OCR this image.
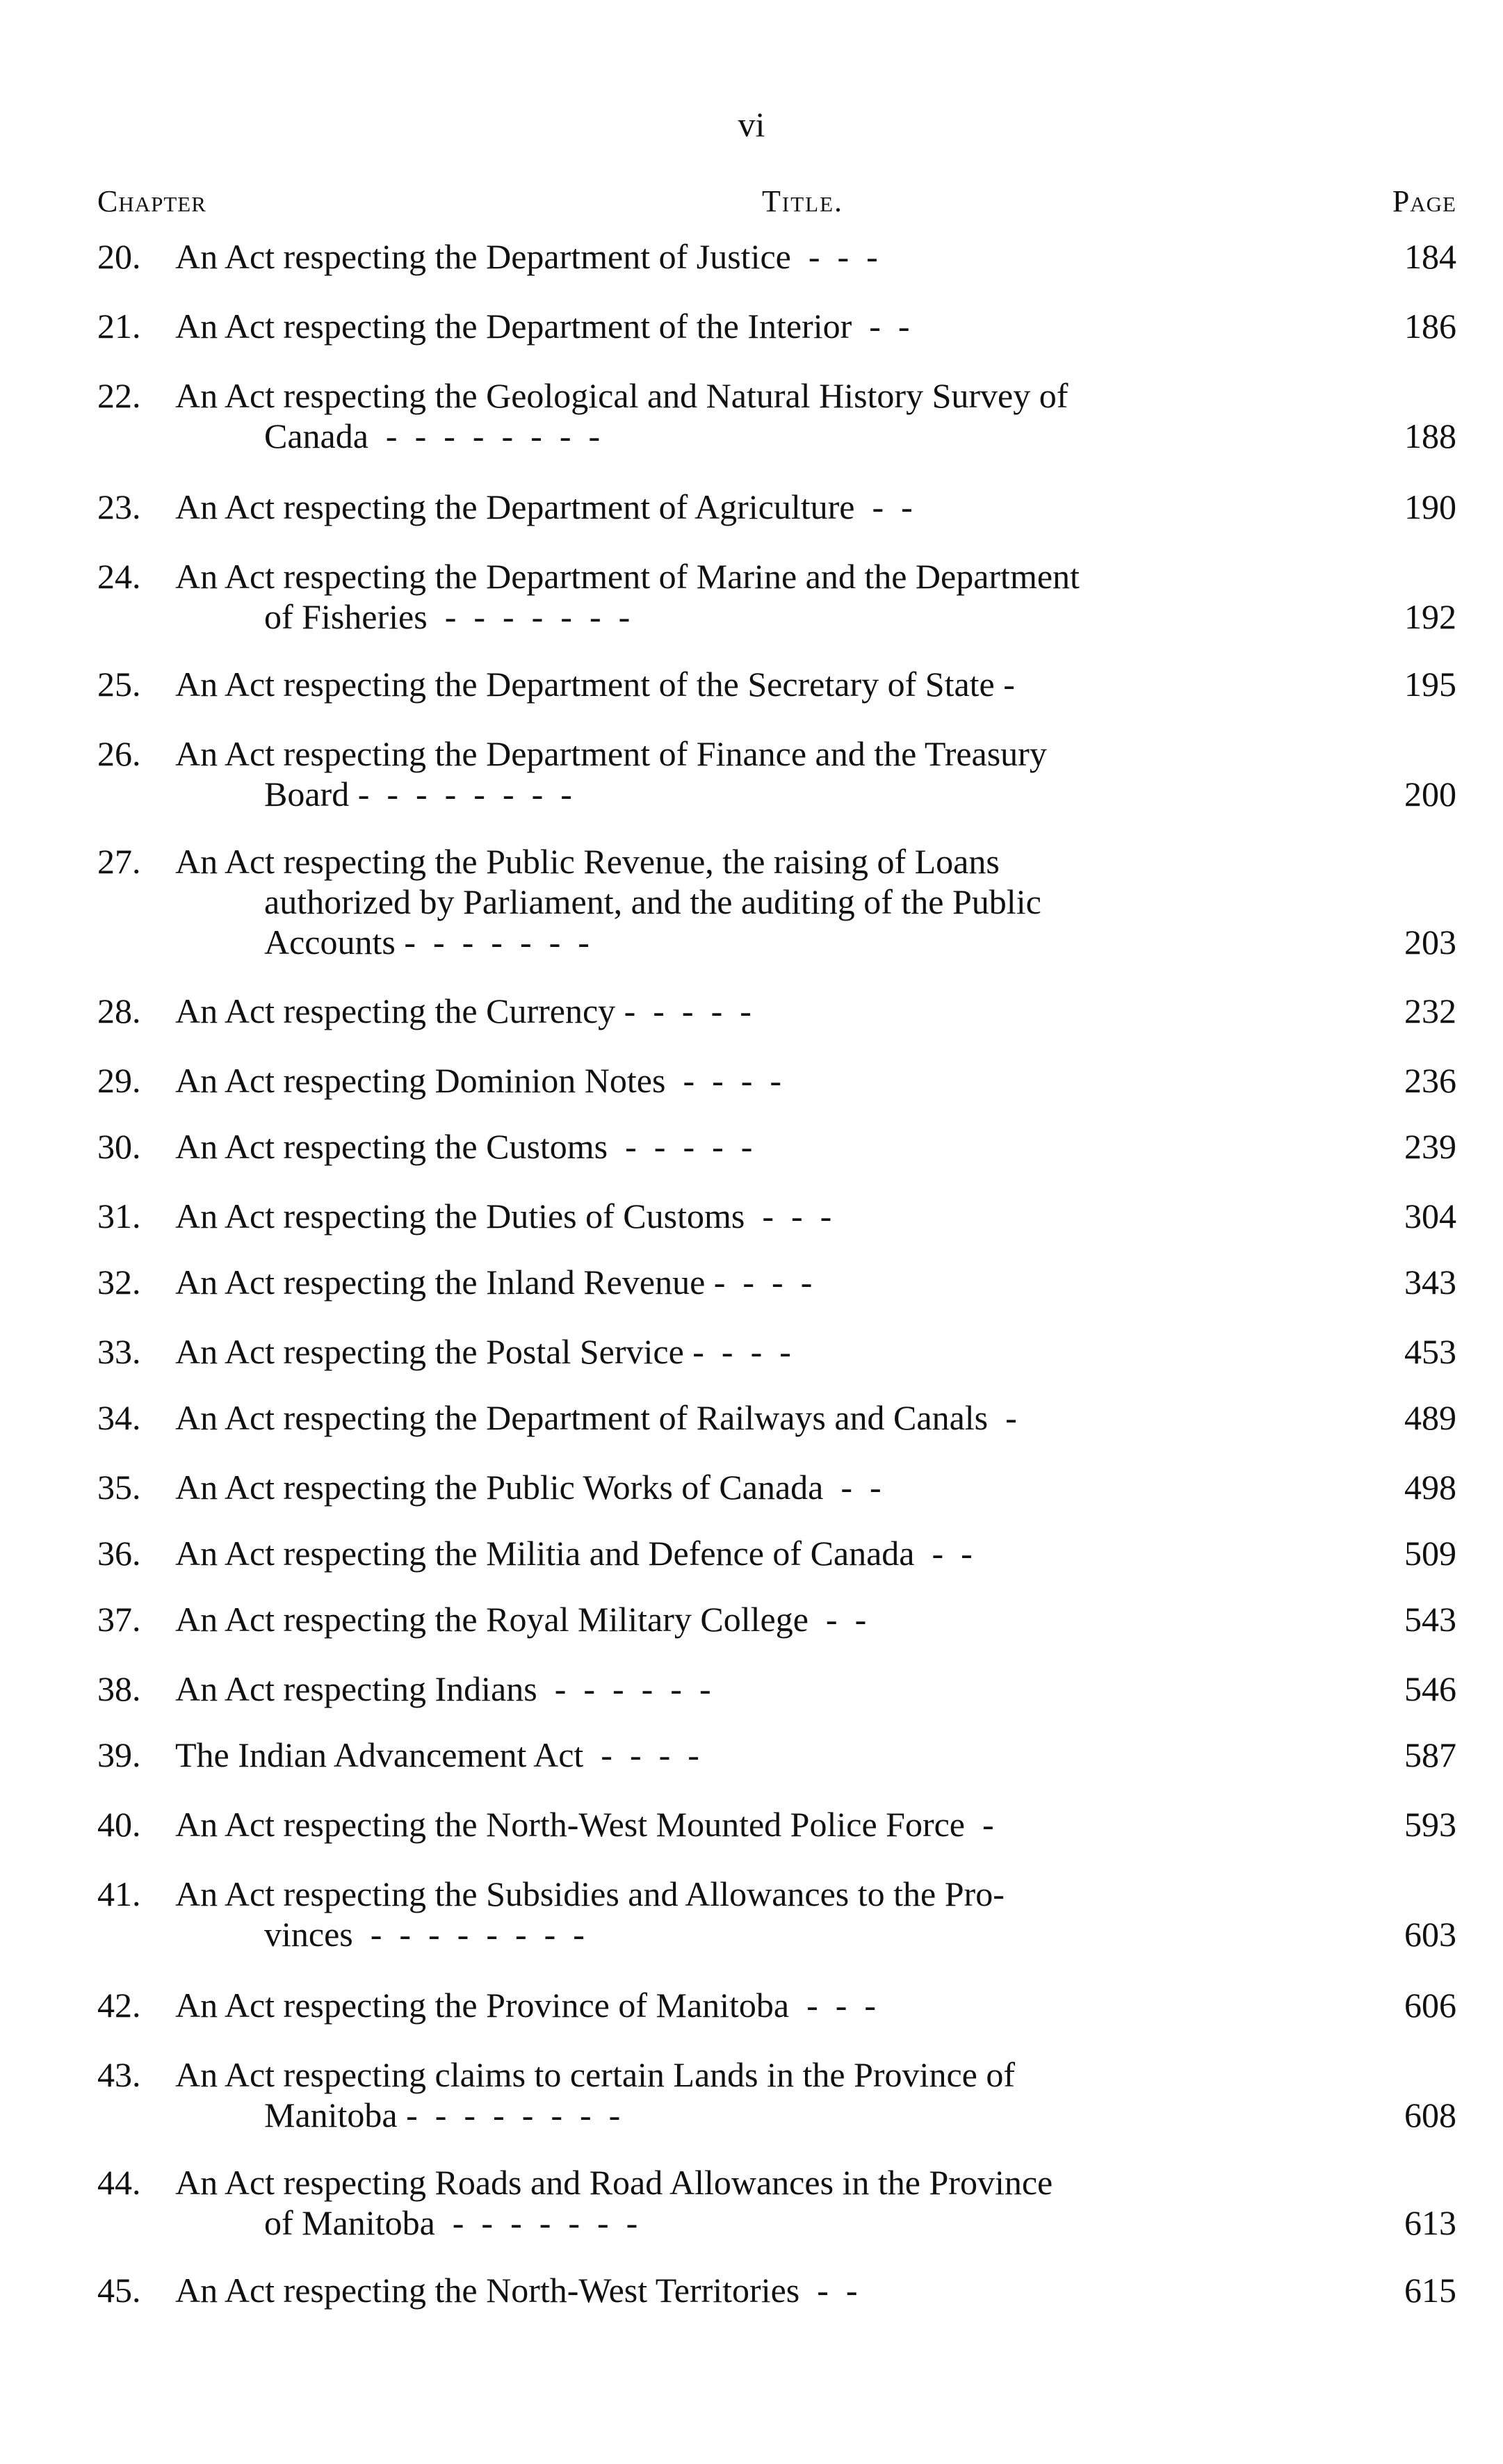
vi
Chapter	Title.	Page
20. An Act respecting the Department of Justice  -  -  -	184
21. An Act respecting the Department of the Interior  -  -	186
22. An Act respecting the Geological and Natural History Survey of
Canada  -  -  -  -  -  -  -  -	188
23. An Act respecting the Department of Agriculture  -  -	190
24. An Act respecting the Department of Marine and the Department
of Fisheries  -  -  -  -  -  -  -	192
25. An Act respecting the Department of the Secretary of State -	195
26. An Act respecting the Department of Finance and the Treasury
Board -  -  -  -  -  -  -  -	200
27. An Act respecting the Public Revenue, the raising of Loans
authorized by Parliament, and the auditing of the Public
Accounts -  -  -  -  -  -  -	203
28. An Act respecting the Currency -  -  -  -  -	232
29. An Act respecting Dominion Notes  -  -  -  -	236
30. An Act respecting the Customs  -  -  -  -  -	239
31. An Act respecting the Duties of Customs  -  -  -	304
32. An Act respecting the Inland Revenue -  -  -  -	343
33. An Act respecting the Postal Service -  -  -  -	453
34. An Act respecting the Department of Railways and Canals  -	489
35. An Act respecting the Public Works of Canada  -  -	498
36. An Act respecting the Militia and Defence of Canada  -  -	509
37. An Act respecting the Royal Military College  -  -	543
38. An Act respecting Indians  -  -  -  -  -  -	546
39. The Indian Advancement Act  -  -  -  -	587
40. An Act respecting the North-West Mounted Police Force  -	593
41. An Act respecting the Subsidies and Allowances to the Pro-
vinces  -  -  -  -  -  -  -  -	603
42. An Act respecting the Province of Manitoba  -  -  -	606
43. An Act respecting claims to certain Lands in the Province of
Manitoba -  -  -  -  -  -  -  -	608
44. An Act respecting Roads and Road Allowances in the Province
of Manitoba  -  -  -  -  -  -  -	613
45. An Act respecting the North-West Territories  -  -	615
